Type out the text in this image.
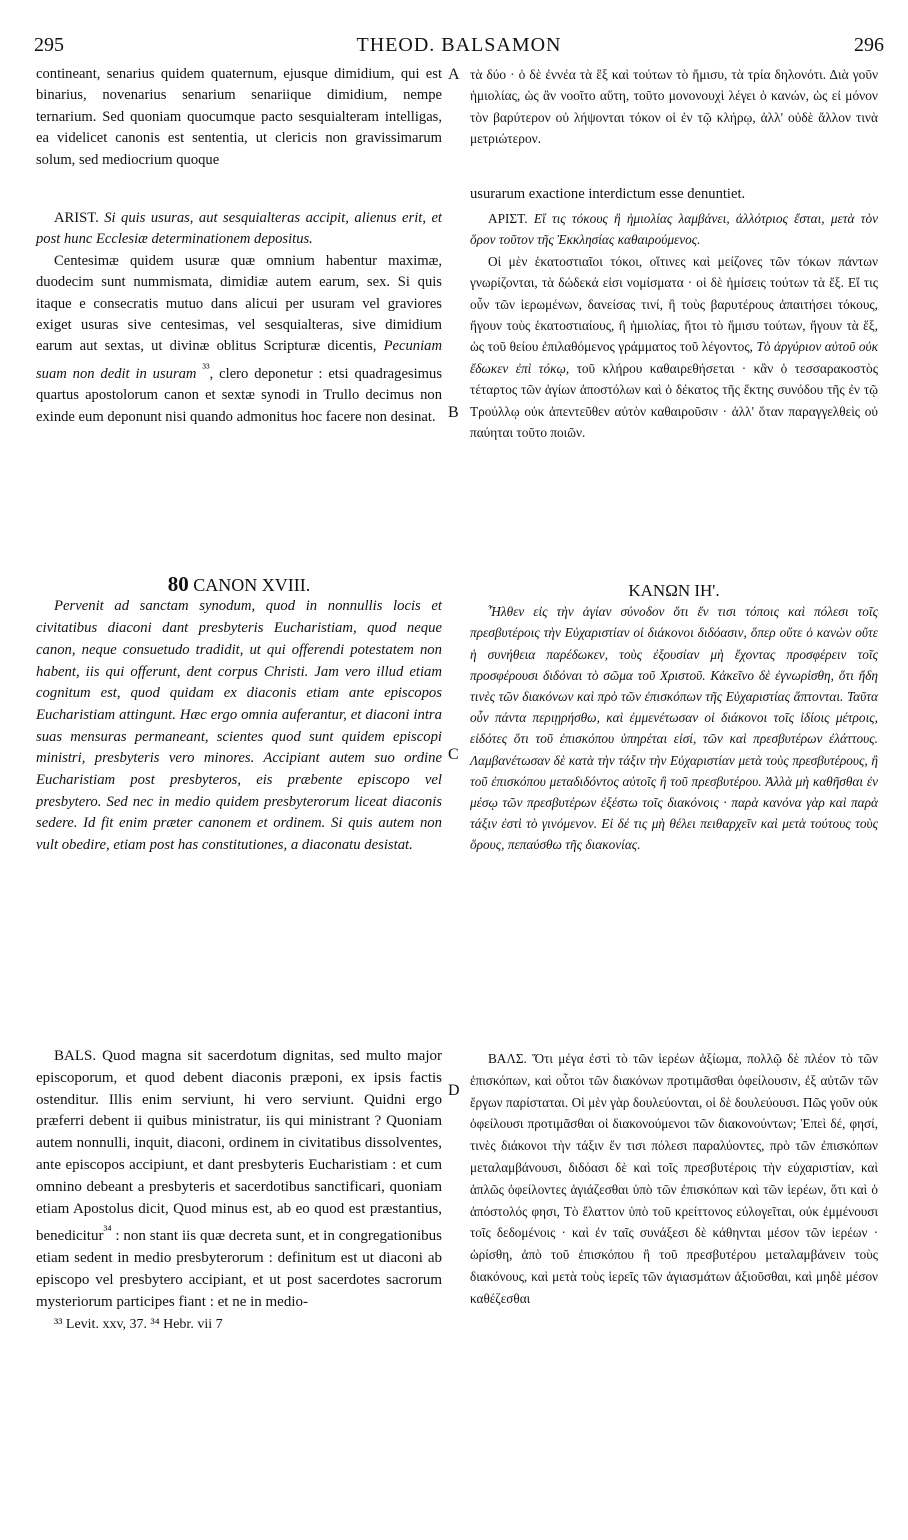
295	THEOD. BALSAMON	296
A
B
C
D

contineant, senarius quidem quaternum, ejusque dimidium, qui est binarius, novenarius senarium senariique dimidium, nempe ternarium. Sed quoniam quocumque pacto sesquialteram intelligas, ea videlicet canonis est sententia, ut clericis non gravissimarum solum, sed mediocrium quoque

ARIST. Si quis usuras, aut sesquialteras accipit, alienus erit, et post hunc Ecclesiæ determinationem depositus.

Centesimæ quidem usuræ quæ omnium habentur maximæ, duodecim sunt nummismata, dimidiæ autem earum, sex. Si quis itaque e consecratis mutuo dans alicui per usuram vel graviores exiget usuras sive centesimas, vel sesquialteras, sive dimidium earum aut sextas, ut divinæ oblitus Scripturæ dicentis, Pecuniam suam non dedit in usuram $^{^{33}}$, clero deponetur : etsi quadragesimus quartus apostolorum canon et sextæ synodi in Trullo decimus non exinde eum deponunt nisi quando admonitus hoc facere non desinat.

80 CANON XVIII.

Pervenit ad sanctam synodum, quod in nonnullis locis et civitatibus diaconi dant presbyteris Eucharistiam, quod neque canon, neque consuetudo tradidit, ut qui offerendi potestatem non habent, iis qui offerunt, dent corpus Christi. Jam vero illud etiam cognitum est, quod quidam ex diaconis etiam ante episcopos Eucharistiam attingunt. Hæc ergo omnia auferantur, et diaconi intra suas mensuras permaneant, scientes quod sunt quidem episcopi ministri, presbyteris vero minores. Accipiant autem suo ordine Eucharistiam post presbyteros, eis præbente episcopo vel presbytero. Sed nec in medio quidem presbyterorum liceat diaconis sedere. Id fit enim præter canonem et ordinem. Si quis autem non vult obedire, etiam post has constitutiones, a diaconatu desistat.

BALS. Quod magna sit sacerdotum dignitas, sed multo major episcoporum, et quod debent diaconis præponi, ex ipsis factis ostenditur. Illis enim serviunt, hi vero serviunt. Quidni ergo præferri debent ii quibus ministratur, iis qui ministrant ? Quoniam autem nonnulli, inquit, diaconi, ordinem in civitatibus dissolventes, ante episcopos accipiunt, et dant presbyteris Eucharistiam : et cum omnino debeant a presbyteris et sacerdotibus sanctificari, quoniam etiam Apostolus dicit, Quod minus est, ab eo quod est præstantius, benedicitur$^{^{34}}$ : non stant iis quæ decreta sunt, et in congregationibus etiam sedent in medio presbyterorum : definitum est ut diaconi ab episcopo vel presbytero accipiant, et ut post sacerdotes sacrorum mysteriorum participes fiant : et ne in medio-

³³ Levit. xxv, 37. ³⁴ Hebr. vii 7

τὰ δύο · ὁ δὲ ἐννέα τὰ ἓξ καὶ τούτων τὸ ἥμισυ, τὰ τρία δηλονότι. Διὰ γοῦν ἡμιολίας, ὡς ἂν νοοῖτο αὕτη, τοῦτο μονονουχὶ λέγει ὁ κανών, ὡς εἰ μόνον τὸν βαρύτερον οὐ λήψονται τόκον οἱ ἐν τῷ κλήρῳ, ἀλλ' οὐδὲ ἄλλον τινὰ μετριώτερον.

usurarum exactione interdictum esse denuntiet.

ΑΡΙΣΤ. Εἴ τις τόκους ἢ ἡμιολίας λαμβάνει, ἀλλότριος ἔσται, μετὰ τὸν ὅρον τοῦτον τῆς Ἐκκλησίας καθαιρούμενος.

Οἱ μὲν ἑκατοστιαῖοι τόκοι, οἵτινες καὶ μείζονες τῶν τόκων πάντων γνωρίζονται, τὰ δώδεκά εἰσι νομίσματα · οἱ δὲ ἡμίσεις τούτων τὰ ἕξ. Εἴ τις οὖν τῶν ἱερωμένων, δανείσας τινί, ἢ τοὺς βαρυτέρους ἀπαιτήσει τόκους, ἤγουν τοὺς ἑκατοστιαίους, ἢ ἡμιολίας, ἤτοι τὸ ἥμισυ τούτων, ἤγουν τὰ ἕξ, ὡς τοῦ θείου ἐπιλαθόμενος γράμματος τοῦ λέγοντος, Τὸ ἀργύριον αὐτοῦ οὐκ ἔδωκεν ἐπὶ τόκῳ, τοῦ κλήρου καθαιρεθήσεται · κἂν ὁ τεσσαρακοστὸς τέταρτος τῶν ἁγίων ἀποστόλων καὶ ὁ δέκατος τῆς ἕκτης συνόδου τῆς ἐν τῷ Τρούλλῳ οὐκ ἀπεντεῦθεν αὐτὸν καθαιροῦσιν · ἀλλ' ὅταν παραγγελθεὶς οὐ παύηται τοῦτο ποιῶν.

ΚΑΝΩΝ ΙΗ'.

Ἦλθεν εἰς τὴν ἁγίαν σύνοδον ὅτι ἔν τισι τόποις καὶ πόλεσι τοῖς πρεσβυτέροις τὴν Εὐχαριστίαν οἱ διάκονοι διδόασιν, ὅπερ οὔτε ὁ κανὼν οὔτε ἡ συνήθεια παρέδωκεν, τοὺς ἐξουσίαν μὴ ἔχοντας προσφέρειν τοῖς προσφέρουσι διδόναι τὸ σῶμα τοῦ Χριστοῦ. Κἀκεῖνο δὲ ἐγνωρίσθη, ὅτι ἤδη τινὲς τῶν διακόνων καὶ πρὸ τῶν ἐπισκόπων τῆς Εὐχαριστίας ἅπτονται. Ταῦτα οὖν πάντα περιῃρήσθω, καὶ ἐμμενέτωσαν οἱ διάκονοι τοῖς ἰδίοις μέτροις, εἰδότες ὅτι τοῦ ἐπισκόπου ὑπηρέται εἰσί, τῶν καὶ πρεσβυτέρων ἐλάττους. Λαμβανέτωσαν δὲ κατὰ τὴν τάξιν τὴν Εὐχαριστίαν μετὰ τοὺς πρεσβυτέρους, ἢ τοῦ ἐπισκόπου μεταδιδόντος αὐτοῖς ἢ τοῦ πρεσβυτέρου. Ἀλλὰ μὴ καθῆσθαι ἐν μέσῳ τῶν πρεσβυτέρων ἐξέστω τοῖς διακόνοις · παρὰ κανόνα γὰρ καὶ παρὰ τάξιν ἐστὶ τὸ γινόμενον. Εἰ δέ τις μὴ θέλει πειθαρχεῖν καὶ μετὰ τούτους τοὺς ὅρους, πεπαύσθω τῆς διακονίας.

ΒΑΛΣ. Ὅτι μέγα ἐστὶ τὸ τῶν ἱερέων ἀξίωμα, πολλῷ δὲ πλέον τὸ τῶν ἐπισκόπων, καὶ οὗτοι τῶν διακόνων προτιμᾶσθαι ὀφείλουσιν, ἐξ αὐτῶν τῶν ἔργων παρίσταται. Οἱ μὲν γὰρ δουλεύονται, οἱ δὲ δουλεύουσι. Πῶς γοῦν οὐκ ὀφείλουσι προτιμᾶσθαι οἱ διακονούμενοι τῶν διακονούντων; Ἐπεὶ δέ, φησί, τινὲς διάκονοι τὴν τάξιν ἔν τισι πόλεσι παραλύοντες, πρὸ τῶν ἐπισκόπων μεταλαμβάνουσι, διδόασι δὲ καὶ τοῖς πρεσβυτέροις τὴν εὐχαριστίαν, καὶ ἁπλῶς ὀφείλοντες ἁγιάζεσθαι ὑπὸ τῶν ἐπισκόπων καὶ τῶν ἱερέων, ὅτι καὶ ὁ ἀπόστολός φησι, Τὸ ἔλαττον ὑπὸ τοῦ κρείττονος εὐλογεῖται, οὐκ ἐμμένουσι τοῖς δεδομένοις · καὶ ἐν ταῖς συνάξεσι δὲ κάθηνται μέσον τῶν ἱερέων · ὡρίσθη, ἀπὸ τοῦ ἐπισκόπου ἢ τοῦ πρεσβυτέρου μεταλαμβάνειν τοὺς διακόνους, καὶ μετὰ τοὺς ἱερεῖς τῶν ἁγιασμάτων ἀξιοῦσθαι, καὶ μηδὲ μέσον καθέζεσθαι
